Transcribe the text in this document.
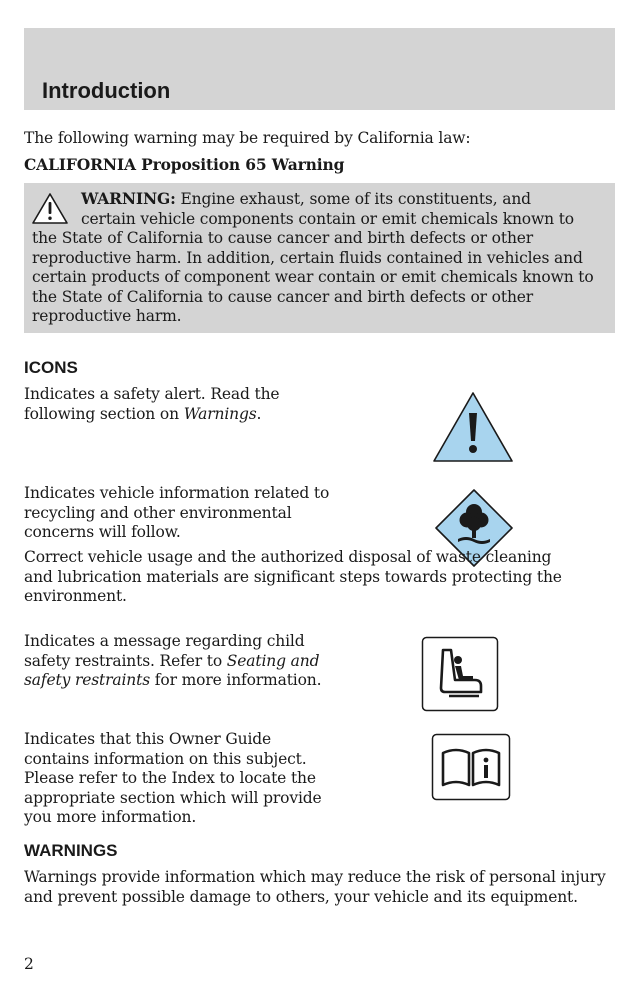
Introduction
The following warning may be required by California law:
CALIFORNIA Proposition 65 Warning
WARNING: Engine exhaust, some of its constituents, and
certain vehicle components contain or emit chemicals known to
the State of California to cause cancer and birth defects or other reproductive harm. In addition, certain fluids contained in vehicles and certain products of component wear contain or emit chemicals known to the State of California to cause cancer and birth defects or other reproductive harm.
ICONS
Indicates a safety alert. Read the following section on Warnings.
Indicates vehicle information related to recycling and other environmental concerns will follow.
Correct vehicle usage and the authorized disposal of waste cleaning and lubrication materials are significant steps towards protecting the environment.
Indicates a message regarding child safety restraints. Refer to Seating and safety restraints for more information.
Indicates that this Owner Guide contains information on this subject. Please refer to the Index to locate the appropriate section which will provide you more information.
WARNINGS
Warnings provide information which may reduce the risk of personal injury and prevent possible damage to others, your vehicle and its equipment.
2
